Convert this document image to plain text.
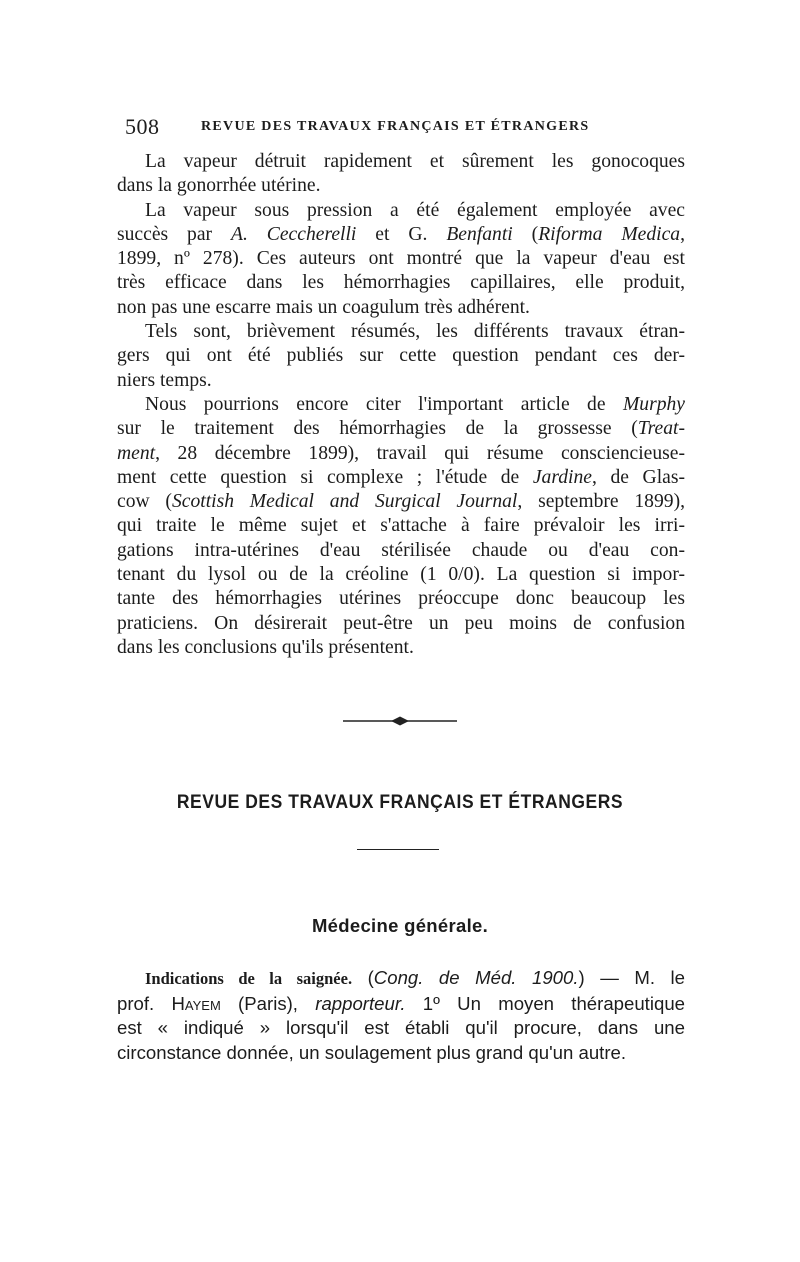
508	REVUE DES TRAVAUX FRANÇAIS ET ÉTRANGERS
La vapeur détruit rapidement et sûrement les gonocoques
dans la gonorrhée utérine.
La vapeur sous pression a été également employée avec
succès par A. Ceccherelli et G. Benfanti (Riforma Medica,
1899, nº 278). Ces auteurs ont montré que la vapeur d'eau est
très efficace dans les hémorrhagies capillaires, elle produit,
non pas une escarre mais un coagulum très adhérent.
Tels sont, brièvement résumés, les différents travaux étran-
gers qui ont été publiés sur cette question pendant ces der-
niers temps.
Nous pourrions encore citer l'important article de Murphy
sur le traitement des hémorrhagies de la grossesse (Treat-
ment, 28 décembre 1899), travail qui résume consciencieuse-
ment cette question si complexe ; l'étude de Jardine, de Glas-
cow (Scottish Medical and Surgical Journal, septembre 1899),
qui traite le même sujet et s'attache à faire prévaloir les irri-
gations intra-utérines d'eau stérilisée chaude ou d'eau con-
tenant du lysol ou de la créoline (1 0/0). La question si impor-
tante des hémorrhagies utérines préoccupe donc beaucoup les
praticiens. On désirerait peut-être un peu moins de confusion
dans les conclusions qu'ils présentent.
REVUE DES TRAVAUX FRANÇAIS ET ÉTRANGERS
Médecine générale.
Indications de la saignée. (Cong. de Méd. 1900.) — M. le
prof. Hayem (Paris), rapporteur. 1º Un moyen thérapeutique
est « indiqué » lorsqu'il est établi qu'il procure, dans une
circonstance donnée, un soulagement plus grand qu'un autre.
